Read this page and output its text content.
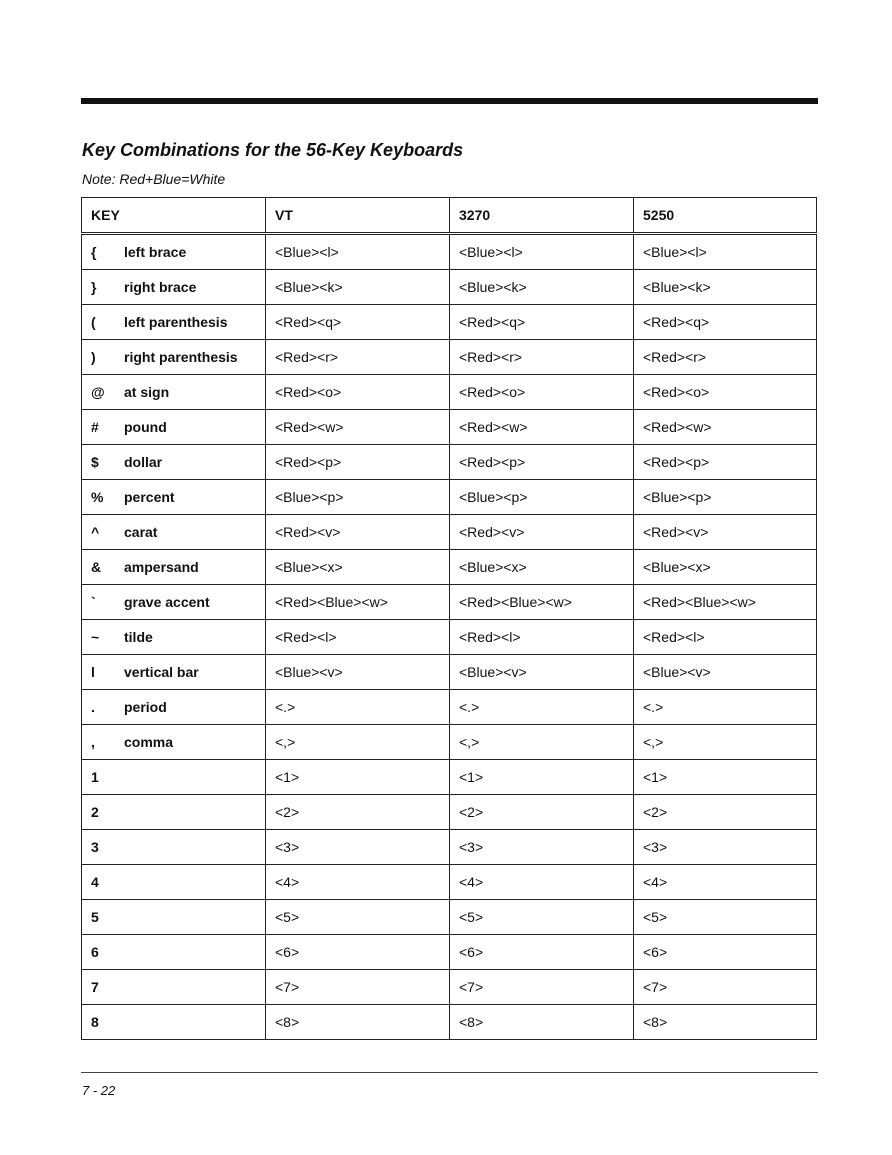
Key Combinations for the 56-Key Keyboards
Note: Red+Blue=White
KEY	VT	3270	5250
{ left brace	<Blue><l>	<Blue><l>	<Blue><l>
} right brace	<Blue><k>	<Blue><k>	<Blue><k>
( left parenthesis	<Red><q>	<Red><q>	<Red><q>
) right parenthesis	<Red><r>	<Red><r>	<Red><r>
@ at sign	<Red><o>	<Red><o>	<Red><o>
# pound	<Red><w>	<Red><w>	<Red><w>
$ dollar	<Red><p>	<Red><p>	<Red><p>
% percent	<Blue><p>	<Blue><p>	<Blue><p>
^ carat	<Red><v>	<Red><v>	<Red><v>
& ampersand	<Blue><x>	<Blue><x>	<Blue><x>
` grave accent	<Red><Blue><w>	<Red><Blue><w>	<Red><Blue><w>
~ tilde	<Red><l>	<Red><l>	<Red><l>
l vertical bar	<Blue><v>	<Blue><v>	<Blue><v>
. period	<.>	<.>	<.>
, comma	<,>	<,>	<,>
1	<1>	<1>	<1>
2	<2>	<2>	<2>
3	<3>	<3>	<3>
4	<4>	<4>	<4>
5	<5>	<5>	<5>
6	<6>	<6>	<6>
7	<7>	<7>	<7>
8	<8>	<8>	<8>
7 - 22
